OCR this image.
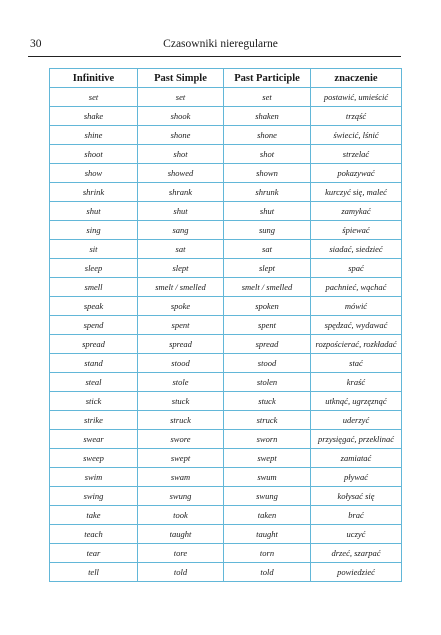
30	Czasowniki nieregularne
Infinitive	Past Simple	Past Participle	znaczenie
set	set	set	postawić, umieścić
shake	shook	shaken	trząść
shine	shone	shone	świecić, lśnić
shoot	shot	shot	strzelać
show	showed	shown	pokazywać
shrink	shrank	shrunk	kurczyć się, maleć
shut	shut	shut	zamykać
sing	sang	sung	śpiewać
sit	sat	sat	siadać, siedzieć
sleep	slept	slept	spać
smell	smelt / smelled	smelt / smelled	pachnieć, wąchać
speak	spoke	spoken	mówić
spend	spent	spent	spędzać, wydawać
spread	spread	spread	rozpościerać, rozkładać
stand	stood	stood	stać
steal	stole	stolen	kraść
stick	stuck	stuck	utknąć, ugrzęznąć
strike	struck	struck	uderzyć
swear	swore	sworn	przysięgać, przeklinać
sweep	swept	swept	zamiatać
swim	swam	swum	pływać
swing	swung	swung	kołysać się
take	took	taken	brać
teach	taught	taught	uczyć
tear	tore	torn	drzeć, szarpać
tell	told	told	powiedzieć
